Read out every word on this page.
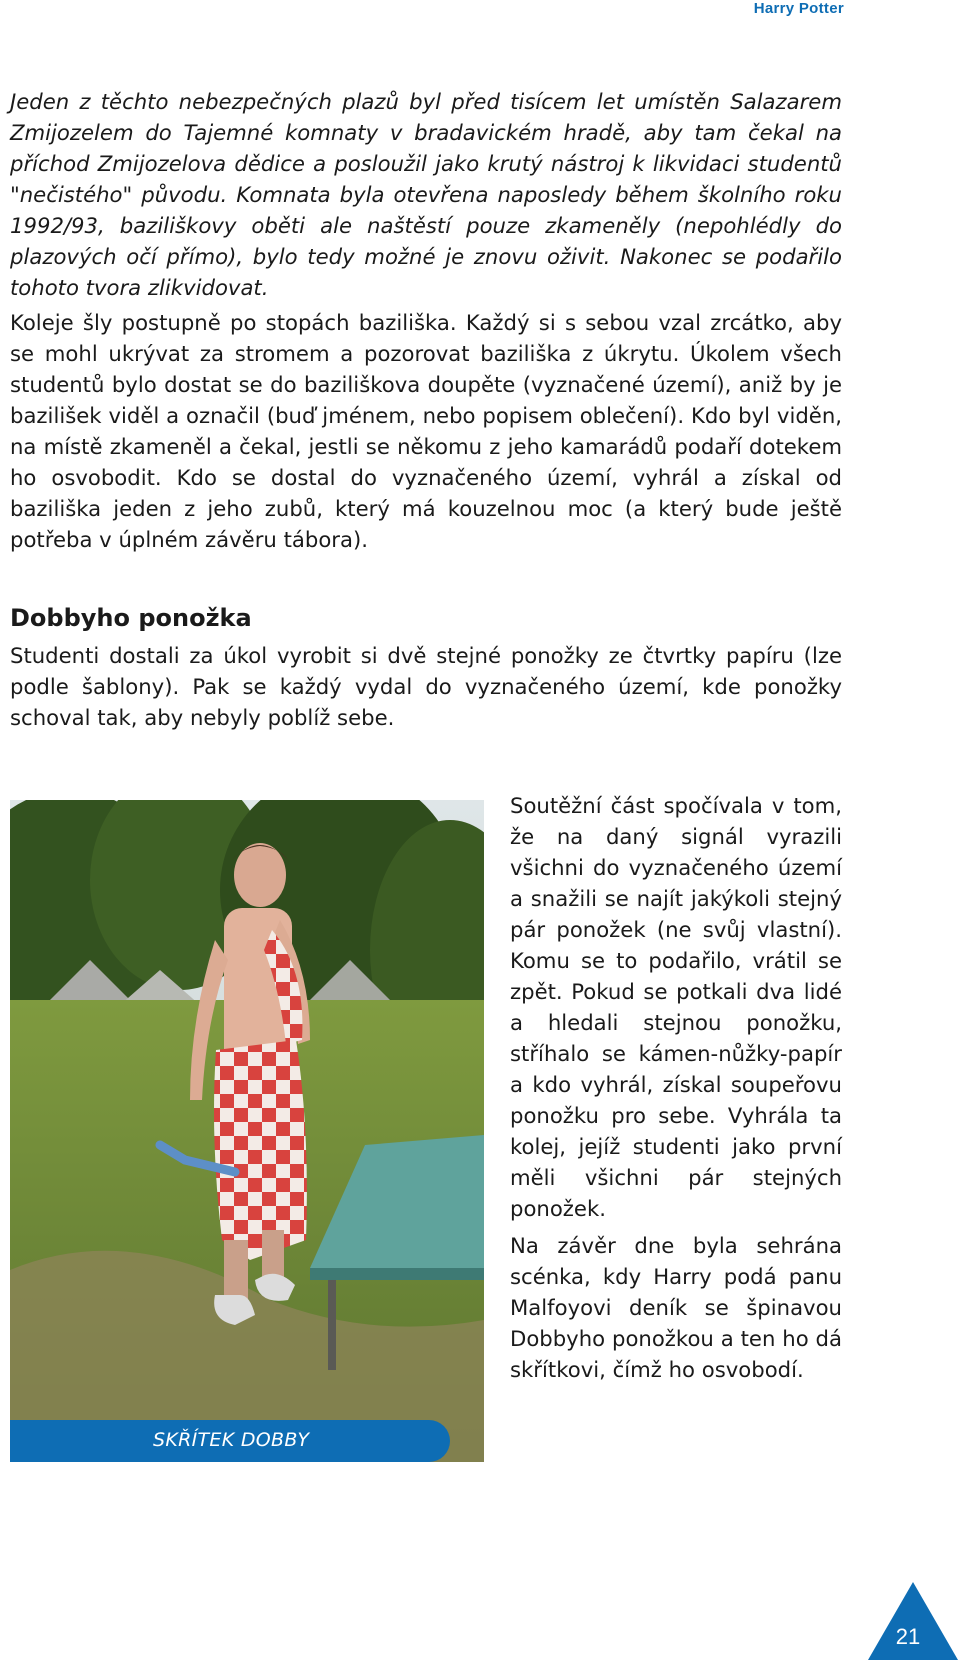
Harry Potter

Jeden z těchto nebezpečných plazů byl před tisícem let umístěn Salazarem Zmijozelem do Tajemné komnaty v bradavickém hradě, aby tam čekal na příchod Zmijozelova dědice a posloužil jako krutý nástroj k likvidaci studentů "nečistého" původu. Komnata byla otevřena naposledy během školního roku 1992/93, baziliškovy oběti ale naštěstí pouze zkameněly (nepohlédly do plazových očí přímo), bylo tedy možné je znovu oživit. Nakonec se podařilo tohoto tvora zlikvidovat.

Koleje šly postupně po stopách baziliška. Každý si s sebou vzal zrcátko, aby se mohl ukrývat za stromem a pozorovat baziliška z úkrytu. Úkolem všech studentů bylo dostat se do baziliškova doupěte (vyznačené území), aniž by je bazilišek viděl a označil (buď jménem, nebo popisem oblečení). Kdo byl viděn, na místě zkameněl a čekal, jestli se někomu z jeho kamarádů podaří dotekem ho osvobodit. Kdo se dostal do vyznačeného území, vyhrál a získal od baziliška jeden z jeho zubů, který má kouzelnou moc (a který bude ještě potřeba v úplném závěru tábora).

Dobbyho ponožka

Studenti dostali za úkol vyrobit si dvě stejné ponožky ze čtvrtky papíru (lze podle šablony). Pak se každý vydal do vyznačeného území, kde ponožky schoval tak, aby nebyly poblíž sebe.

SKŘÍTEK DOBBY

Soutěžní část spočívala v tom, že na daný signál vyrazili všichni do vyznačeného území a snažili se najít jakýkoli stejný pár ponožek (ne svůj vlastní). Komu se to podařilo, vrátil se zpět. Pokud se potkali dva lidé a hledali stejnou ponožku, stříhalo se kámen-nůžky-papír a kdo vyhrál, získal soupeřovu ponožku pro sebe. Vyhrála ta kolej, jejíž studenti jako první měli všichni pár stejných ponožek.

Na závěr dne byla sehrána scénka, kdy Harry podá panu Malfoyovi deník se špinavou Dobbyho ponožkou a ten ho dá skřítkovi, čímž ho osvobodí.

21
